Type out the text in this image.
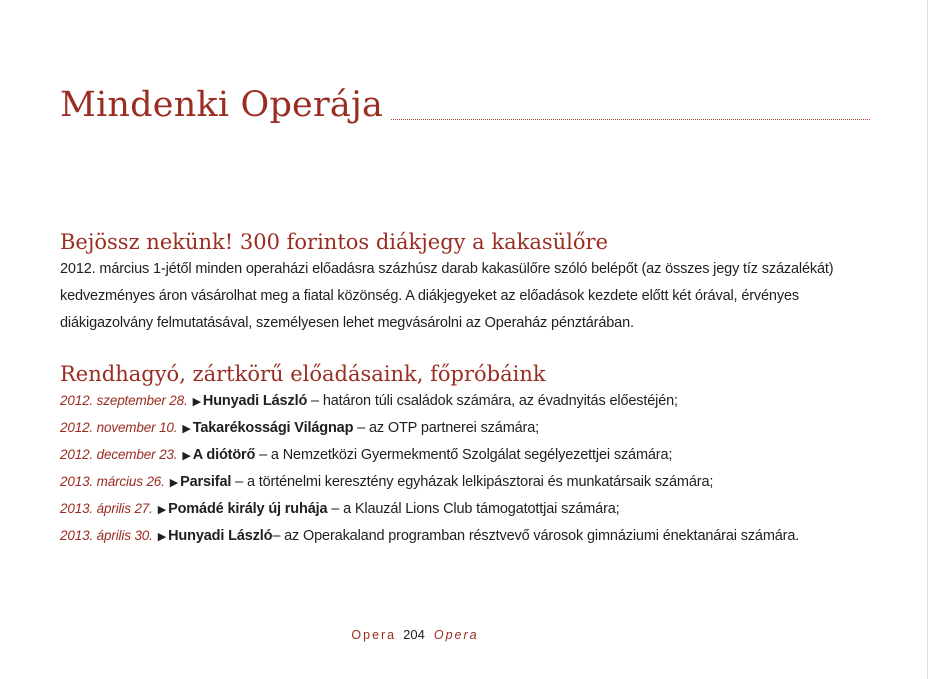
Mindenki Operája
Bejössz nekünk! 300 forintos diákjegy a kakasülőre
2012. március 1-jétől minden operaházi előadásra százhúsz darab kakasülőre szóló belépőt (az összes jegy tíz százalékát) kedvezményes áron vásárolhat meg a fiatal közönség. A diákjegyeket az előadások kezdete előtt két órával, érvényes diákigazolvány felmutatásával, személyesen lehet megvásárolni az Operaház pénztárában.
Rendhagyó, zártkörű előadásaink, főpróbáink
2012. szeptember 28. ▶ Hunyadi László – határon túli családok számára, az évadnyitás előestéjén;
2012. november 10. ▶ Takarékossági Világnap – az OTP partnerei számára;
2012. december 23. ▶ A diótörő – a Nemzetközi Gyermekmentő Szolgálat segélyezettjei számára;
2013. március 26. ▶ Parsifal – a történelmi keresztény egyházak lelkipásztorai és munkatársaik számára;
2013. április 27. ▶ Pomádé király új ruhája – a Klauzál Lions Club támogatottjai számára;
2013. április 30. ▶ Hunyadi László– az Operakaland programban résztvevő városok gimnáziumi énektanárai számára.
Opera 204 Opera
